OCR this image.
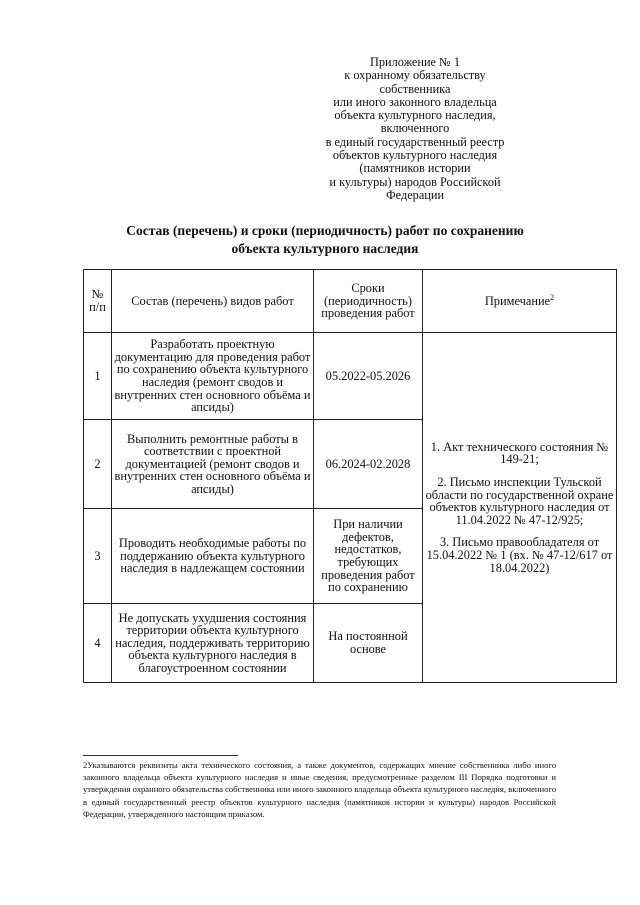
Приложение № 1
к охранному обязательству
собственника
или иного законного владельца
объекта культурного наследия,
включенного
в единый государственный реестр
объектов культурного наследия
(памятников истории
и культуры) народов Российской
Федерации
Состав (перечень) и сроки (периодичность) работ по сохранению
объекта культурного наследия
№ п/п	Состав (перечень) видов работ	Сроки (периодичность) проведения работ	Примечание$^2$
1	Разработать проектную документацию для проведения работ по сохранению объекта культурного наследия (ремонт сводов и внутренних стен основного объёма и апсиды)	05.2022-05.2026	1. Акт технического состояния № 149-21;

2. Письмо инспекции Тульской области по государственной охране объектов культурного наследия от 11.04.2022 № 47-12/925;

3. Письмо правообладателя от 15.04.2022 № 1 (вх. № 47-12/617 от 18.04.2022)

2	Выполнить ремонтные работы в соответствии с проектной документацией (ремонт сводов и внутренних стен основного объёма и апсиды)	06.2024-02.2028	
3	Проводить необходимые работы по поддержанию объекта культурного наследия в надлежащем состоянии	При наличии дефектов, недостатков, требующих проведения работ по сохранению	
4	Не допускать ухудшения состояния территории объекта культурного наследия, поддерживать территорию объекта культурного наследия в благоустроенном состоянии	На постоянной основе	
2Указываются реквизиты акта технического состояния, а также документов, содержащих мнение собственника либо иного законного владельца объекта культурного наследия и иные сведения, предусмотренные разделом III Порядка подготовки и утверждения охранного обязательства собственника или иного законного владельца объекта культурного наследия, включенного в единый государственный реестр объектов культурного наследия (памятников истории и культуры) народов Российской Федерации, утвержденного настоящим приказом.
